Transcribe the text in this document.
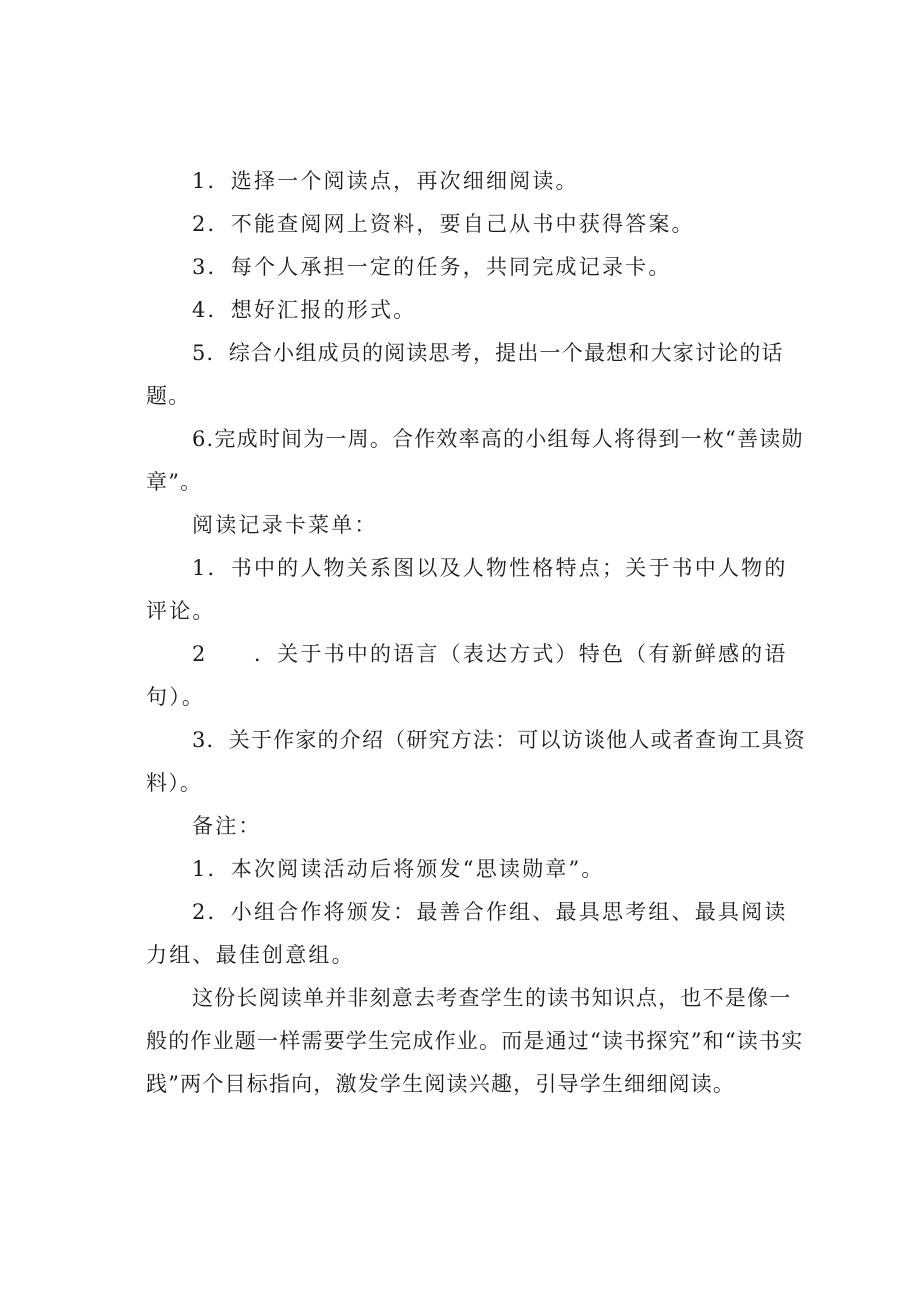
1．选择一个阅读点，再次细细阅读。

2．不能查阅网上资料，要自己从书中获得答案。

3．每个人承担一定的任务，共同完成记录卡。

4．想好汇报的形式。

5．综合小组成员的阅读思考，提出一个最想和大家讨论的话题。

6.完成时间为一周。合作效率高的小组每人将得到一枚“善读勋章”。

阅读记录卡菜单：

1．书中的人物关系图以及人物性格特点；关于书中人物的评论。

2　　．关于书中的语言（表达方式）特色（有新鲜感的语句）。

3．关于作家的介绍（研究方法：可以访谈他人或者查询工具资料）。

备注：

1．本次阅读活动后将颁发“思读勋章”。

2．小组合作将颁发：最善合作组、最具思考组、最具阅读力组、最佳创意组。

这份长阅读单并非刻意去考查学生的读书知识点，也不是像一般的作业题一样需要学生完成作业。而是通过“读书探究”和“读书实践”两个目标指向，激发学生阅读兴趣，引导学生细细阅读。
